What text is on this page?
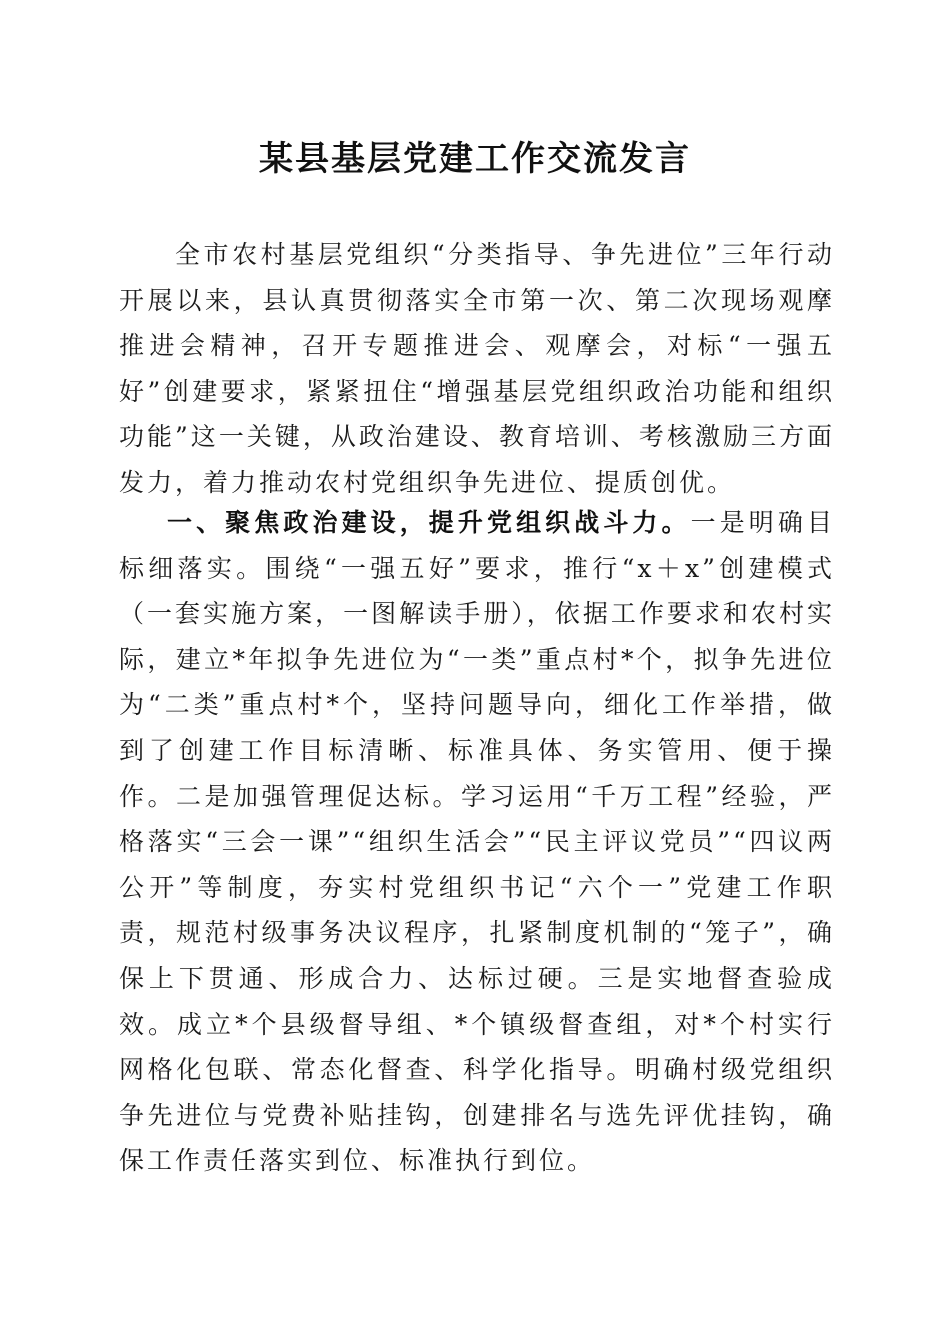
某县基层党建工作交流发言

全市农村基层党组织“分类指导、争先进位”三年行动开展以来，县认真贯彻落实全市第一次、第二次现场观摩推进会精神，召开专题推进会、观摩会，对标“一强五好”创建要求，紧紧扭住“增强基层党组织政治功能和组织功能”这一关键，从政治建设、教育培训、考核激励三方面发力，着力推动农村党组织争先进位、提质创优。

一、聚焦政治建设，提升党组织战斗力。一是明确目标细落实。围绕“一强五好”要求，推行“x＋x”创建模式（一套实施方案，一图解读手册），依据工作要求和农村实际，建立*年拟争先进位为“一类”重点村*个，拟争先进位为“二类”重点村*个，坚持问题导向，细化工作举措，做到了创建工作目标清晰、标准具体、务实管用、便于操作。二是加强管理促达标。学习运用“千万工程”经验，严格落实“三会一课”“组织生活会”“民主评议党员”“四议两公开”等制度，夯实村党组织书记“六个一”党建工作职责，规范村级事务决议程序，扎紧制度机制的“笼子”，确保上下贯通、形成合力、达标过硬。三是实地督查验成效。成立*个县级督导组、*个镇级督查组，对*个村实行网格化包联、常态化督查、科学化指导。明确村级党组织争先进位与党费补贴挂钩，创建排名与选先评优挂钩，确保工作责任落实到位、标准执行到位。
